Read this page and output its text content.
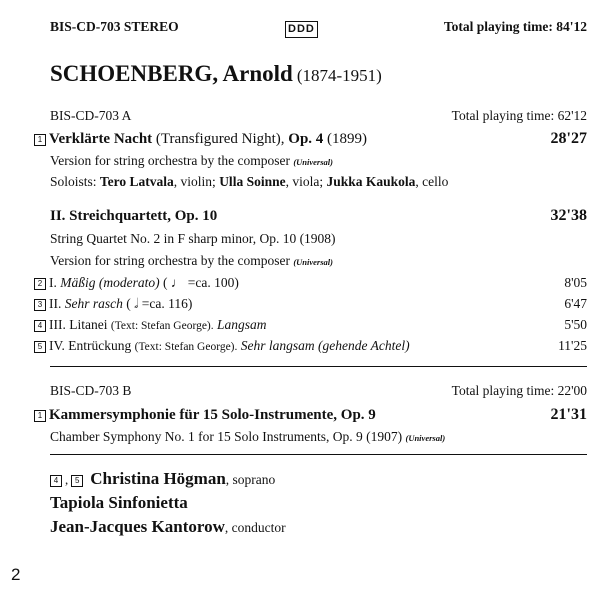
BIS-CD-703 STEREO	DDD	Total playing time: 84'12
SCHOENBERG, Arnold (1874-1951)
BIS-CD-703 A	Total playing time: 62'12
1 Verklärte Nacht (Transfigured Night), Op. 4 (1899)	28'27
Version for string orchestra by the composer (Universal)
Soloists: Tero Latvala, violin; Ulla Soinne, viola; Jukka Kaukola, cello
II. Streichquartett, Op. 10	32'38
String Quartet No. 2 in F sharp minor, Op. 10 (1908)
Version for string orchestra by the composer (Universal)
2 I. Mäßig (moderato) ( ♩ =ca. 100)	8'05
3 II. Sehr rasch ( 𝅗𝅥 =ca. 116)	6'47
4 III. Litanei (Text: Stefan George). Langsam	5'50
5 IV. Entrückung (Text: Stefan George). Sehr langsam (gehende Achtel)	11'25
BIS-CD-703 B	Total playing time: 22'00
1 Kammersymphonie für 15 Solo-Instrumente, Op. 9	21'31
Chamber Symphony No. 1 for 15 Solo Instruments, Op. 9 (1907) (Universal)
4 , 5 Christina Högman, soprano
Tapiola Sinfonietta
Jean-Jacques Kantorow, conductor
2
